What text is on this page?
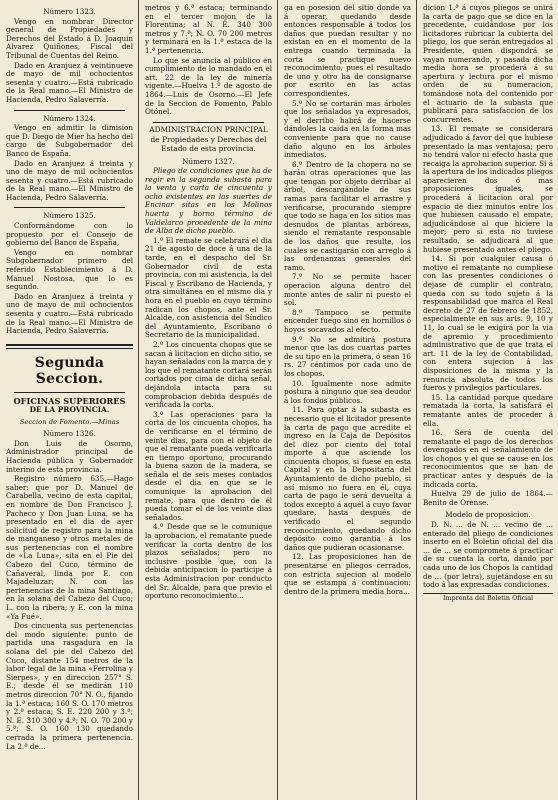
Número 1323.

Vengo en nombrar Director general de Propiedades y Derechos del Estado á D. Joaquin Alvarez Quiñones, Fiscal del Tribunal de Cuentas del Reino.

Dado en Aranjuez á veintinueve de mayo de mil ochocientos sesenta y cuatro.—Está rubricado de la Real mano.—El Ministro de Hacienda, Pedro Salaverría.

Número 1324.

Vengo en admitir la dimision que D. Diego de Mier ha hecho del cargo de Subgobernador del Banco de España.

Dado en Aranjuez á treinta y uno de mayo de mil ochocientos sesenta y cuatro.—Está rubricado de la Real mano.—El Ministro de Hacienda, Pedro Salaverría.

Número 1325.

Conformándome con lo propuesto por el Consejo de gobierno del Banco de España,

Vengo en nombrar Subgobernador primero del referido Establecimiento á D. Manuel Nostosa, que lo es segundo.

Dado en Aranjuez á treinta y uno de mayo de mil ochocientos sesenta y cuatro.—Está rubricado de la Real mano.—El Ministro de Hacienda, Pedro Salaverría.

Segunda Seccion.

OFICINAS SUPERIORES

DE LA PROVINCIA.

Seccion de Fomento.—Minas

Número 1326.

Don Luis de Osorno, Administrador principal de Hacienda pública y Gobernador interino de esta provincia.

Registro número 635.—Hago saber: que por D. Manuel de Carabella, vecino de esta capital, en nombre de Don Francisco J. Pacheco y Don Juan Luna, se ha presentado en el dia de ayer solicitud de registro para la mina de manganeso y otros metales de sus pertenencias con el nombre de «La Luna», sita en el Pie del Cabezo del Cuco, término de Cañaveral, linda por E. con Majadeluzar; N. con las pertenencias de la mina Santiago, en la solana del Cabezo del Cuco; L. con la ribera; y E. con la mina «Ya Fué».

Dos cincuenta sus pertenencias del modo siguiente: punto de partida una rasgadura en la solana del pie del Cabezo del Cuco, distante 154 metros de la labor legal de la mina «Ferrolina y Sierpes», y en direccion 257° S. E.; desde él se medirán 110 metros direccion 70° N. O., fijando la 1.ª estaca; 160 S. O. 170 metros y 2.ª estaca; S. E. 220 200 y 3.ª; N. E. 310 300 y 4.ª; N. O. 70 200 y 5.ª; S. O. 160 130 quedando cerrada la primera pertenencia. La 2.ª de...

metros y 6.ª estaca; terminando en el tercer mojon de la Florentina; al N. E. 340 300 metros y 7.ª; N. O. 70 200 metros y terminará en la 1.ª estaca de la 1.ª pertenencia.

Lo que se anuncia al público en cumplimiento de lo mandado en el art. 22 de la ley de minería vigente.—Huelva 1.º de agosto de 1864.—Luis de Osorno.—El Jefe de la Seccion de Fomento, Pablo Otónel.

ADMINISTRACION PRINCIPAL

de Propiedades y Derechos del Estado de esta provincia.

Número 1327.

Pliego de condiciones que ha de regir en la segunda subasta para la venta y corta de cincuenta y ocho existentes en las suertes de Encinar sitas en los Molinos huerta y borno término de Valdelarco procedente de la mina de Alba de dicho pueblo.

1.º El remate se celebrará el dia 21 de agosto de doce á una de la tarde, en el despacho del Sr. Gobernador civil de esta provincia, con mi asistencia, la del Fiscal y Escribano de Hacienda, y otra simultánea en el mismo dia y hora en el pueblo en cuyo término radican los chopos, ante el Sr. Alcalde, con asistencia del Síndico del Ayuntamiento, Escribano ó Secretario de la municipalidad.

2.º Los cincuenta chopos que se sacan á licitacion en dicho sitio, se hayan señalados con la marca de y los que el rematante cortará serán cortados por cima de dicha señal, dejándola intacta para su comprobacion debida después de verificada la corta.

3.º Las operaciones para la corta de los cincuenta chopos, ha de verificarse en el término de veinte dias, para con el objeto de que el rematante pueda verificarla en tiempo oportuno, procurando la buena sazon de la madera, se señala el de seis meses contados desde el dia en que se le comunique la aprobacion del remate, para que dentro de él pueda tomar el de los veinte dias señalados.

4.º Desde que se le comunique la aprobacion, el rematante puede verificar la corta dentro de los plazos señalados; pero no inclusive posible que, con la debida anticipacion lo participe á esta Administracion por conducto del Sr. Alcalde, para que previo el oportuno reconocimiento...

ga en posesion del sitio donde va á operar, quedando desde entonces responsable á todos los daños que puedan resultar y no existan en en el momento de la entrega cuando terminada la corta se practique nuevo reconocimiento, pues el resultado de uno y otro ha de consignarse por escrito en las actas correspondientes.

5.º No se cortarán mas árboles que los señalados ya expresados, y el derribo habrá de hacerse dándoles la caida en la forma mas conveniente para que no cause daño alguno en los árboles inmediatos.

6.º Dentro de la chopera no se harán otras operaciones que las que tengan por objeto derribar al árbol, descargándole de sus ramas para facilitar el arrastre y verificarse, procurando siempre que todo se haga en los sitios mas desnudos de plantas arbóreas, siendo el rematante responsable de los daños que resulte, los cuales se castigarán con arreglo á las ordenanzas generales del ramo.

7.º No se permite hacer operacion alguna dentro del monte antes de salir ni puesto el sol.

8.º Tampoco se permite encender fuego sino en hornillos ó hoyos socavados al efecto.

9.º No se admitirá postura menor que las dos cuartas partes de su tipo en la primera, ó sean 16 rs. 27 céntimos por cada uno de los chopos.

10. Igualmente nose admite postura á ninguno que sea deudor á los fondos públicos.

11. Para optar á la subasta es necesario que el licitador presente la carta de pago que acredite el ingreso en la Caja de Depósitos del diez por ciento del total importe á que asciende los cincuenta chopos, si fuese en esta Capital y en la Depositaría del Ayuntamiento de dicho pueblo, si así mismo no fuera en él, cuya carta de pago le será devuelta á todos excepto á aquél á cuyo favor quedare, hasta después de verificado el segundo reconocimiento, quedando dicho depósito como garantía á los daños que pudieran ocasionarse.

12. Las proposiciones han de presentarse en pliegos cerrados, con estricta sujecion al modelo que se estampa á continuacion; dentro de la primera media hora...

dicion 1.ª á cuyos pliegos se unirá la carta de pago que se dice en la precedente, cuidándose por los licitadores rubricar la cubierta del pliego, los que serán entregados al Presidente, quien dispondrá se vayan numerando, y pasada dicha media hora se procederá á su apertura y lectura por el mismo orden de su numeracion, tomándose nota del contenido por el actuario de la subasta que publicará para satisfaccion de los concurrentes.

13. El remate se considerará adjudicado á favor del que hubiese presentado la mas ventajosa; pero no tendrá valor ni efecto hasta que recaiga la aprobacion superior. Si á la apertura de los indicados pliegos aparecieren dos ó mas proposiciones iguales, se procederá á licitacion oral por espacio de diez minutos entre los que hubiesen causado el empate, adjudicándose al que hiciere la mejor; pero si esta no tuviese resultado, se adjudicará al que hubiese presentado antes el pliego.

14. Si por cualquier causa ó motivo el rematante no cumpliese con las presentes condiciones ó dejase de cumplir el contrato, queda con su todo sujeto á la responsabilidad que marca el Real decreto de 27 de febrero de 1852, especialmente en sus arts. 9, 10 y 11, lo cual se le exigirá por la via de apremio y procedimiento administrativo que de que trata el art. 11 de la ley de Contabilidad, con entera sujecion á las disposiciones de la misma y la renuncia absoluta de todos los fueros y privilegios particulares.

15. La cantidad porque quedare rematada la corta, la satisfará el rematante antes de proceder á ella.

16. Será de cuenta del rematante el pago de los derechos devengados en el señalamiento de los chopos y el que se cause en los reconocimientos que se han de practicar antes y después de la indicada corta.

Huelva 29 de julio de 1864.—Benito de Orense.

Modelo de proposicion.

D. N. ... de N. ... vecino de ... enterado del pliego de condiciones inserto en el Boletin oficial del dia ... de ... se compromete á practicar de su cuenta la corta, dando por cada uno de los Chopos la cantidad de ... (por letra), sujetándose en su todo á las expresadas condiciones.

Imprenta del Boletin Oficial
